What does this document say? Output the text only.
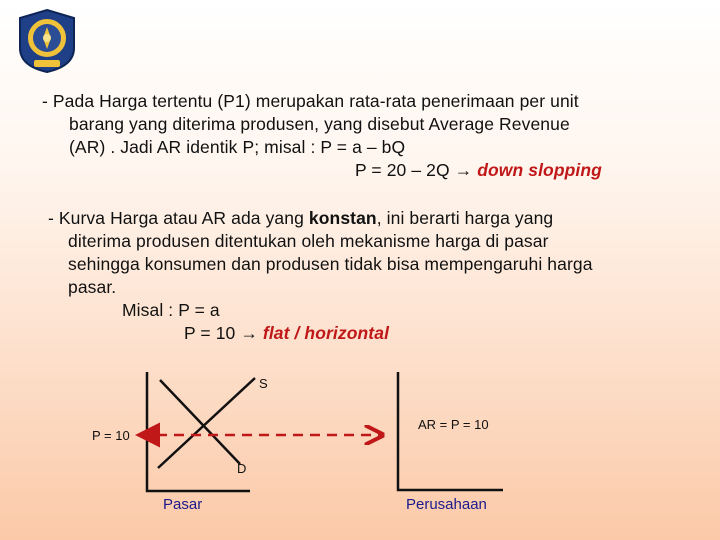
- Pada Harga tertentu (P1) merupakan rata-rata penerimaan per unit
barang yang diterima produsen, yang disebut Average Revenue
(AR) . Jadi AR identik P; misal : P = a – bQ
P = 20 – 2Q → down slopping
- Kurva Harga atau AR ada yang konstan, ini berarti harga yang
diterima produsen ditentukan oleh mekanisme harga di pasar
sehingga konsumen dan produsen tidak bisa mempengaruhi harga
pasar.
Misal : P = a
P = 10 → flat / horizontal
S
D
P = 10
AR = P = 10
Pasar	Perusahaan
